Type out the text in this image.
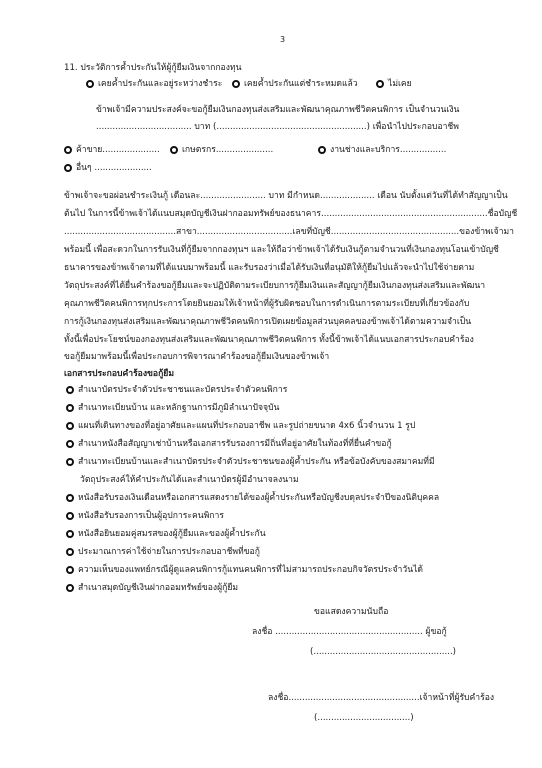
3
11. ประวัติการค้ำประกันให้ผู้กู้ยืมเงินจากกองทุน
เคยค้ำประกันและอยู่ระหว่างชำระ	เคยค้ำประกันแต่ชำระหมดแล้ว	ไม่เคย
ข้าพเจ้ามีความประสงค์จะขอกู้ยืมเงินกองทุนส่งเสริมและพัฒนาคุณภาพชีวิตคนพิการ เป็นจำนวนเงิน
................................... บาท (.......................................................) เพื่อนำไปประกอบอาชีพ
ค้าขาย.....................	เกษตรกร.....................	งานช่างและบริการ.................
อื่นๆ .....................
ข้าพเจ้าจะขอผ่อนชำระเงินกู้ เดือนละ........................ บาท มีกำหนด.................... เดือน นับตั้งแต่วันที่ได้ทำสัญญาเป็น
ต้นไป ในการนี้ข้าพเจ้าได้แนบสมุดบัญชีเงินฝากออมทรัพย์ของธนาคาร.............................................................ชื่อบัญชี
.........................................สาขา...................................เลขที่บัญชี...............................................ของข้าพเจ้ามา
พร้อมนี้ เพื่อสะดวกในการรับเงินที่กู้ยืมจากกองทุนฯ และให้ถือว่าข้าพเจ้าได้รับเงินกู้ตามจำนวนที่เงินกองทุนโอนเข้าบัญชี
ธนาคารของข้าพเจ้าตามที่ได้แนบมาพร้อมนี้ และรับรองว่าเมื่อได้รับเงินที่อนุมัติให้กู้ยืมไปแล้วจะนำไปใช้จ่ายตาม
วัตถุประสงค์ที่ได้ยื่นคำร้องขอกู้ยืมและจะปฏิบัติตามระเบียบการกู้ยืมเงินและสัญญากู้ยืมเงินกองทุนส่งเสริมและพัฒนา
คุณภาพชีวิตคนพิการทุกประการโดยยินยอมให้เจ้าหน้าที่ผู้รับผิดชอบในการดำเนินการตามระเบียบที่เกี่ยวข้องกับ
การกู้เงินกองทุนส่งเสริมและพัฒนาคุณภาพชีวิตคนพิการเปิดเผยข้อมูลส่วนบุคคลของข้าพเจ้าได้ตามความจำเป็น
ทั้งนี้เพื่อประโยชน์ของกองทุนส่งเสริมและพัฒนาคุณภาพชีวิตคนพิการ ทั้งนี้ข้าพเจ้าได้แนบเอกสารประกอบคำร้อง
ขอกู้ยืมมาพร้อมนี้เพื่อประกอบการพิจารณาคำร้องขอกู้ยืมเงินของข้าพเจ้า
เอกสารประกอบคำร้องขอกู้ยืม
สำเนาบัตรประจำตัวประชาชนและบัตรประจำตัวคนพิการ
สำเนาทะเบียนบ้าน และหลักฐานการมีภูมิลำเนาปัจจุบัน
แผนที่เดินทางของที่อยู่อาศัยและแผนที่ประกอบอาชีพ และรูปถ่ายขนาด 4x6 นิ้วจำนวน 1 รูป
สำเนาหนังสือสัญญาเช่าบ้านหรือเอกสารรับรองการมีถิ่นที่อยู่อาศัยในท้องที่ที่ยื่นคำขอกู้
สำเนาทะเบียนบ้านและสำเนาบัตรประจำตัวประชาชนของผู้ค้ำประกัน หรือข้อบังคับของสมาคมที่มี
วัตถุประสงค์ให้คำประกันได้และสำเนาบัตรผู้มีอำนาจลงนาม
หนังสือรับรองเงินเดือนหรือเอกสารแสดงรายได้ของผู้ค้ำประกันหรือบัญชีงบดุลประจำปีของนิติบุคคล
หนังสือรับรองการเป็นผู้อุปการะคนพิการ
หนังสือยินยอมคู่สมรสของผู้กู้ยืมและของผู้ค้ำประกัน
ประมาณการค่าใช้จ่ายในการประกอบอาชีพที่ขอกู้
ความเห็นของแพทย์กรณีผู้ดูแลคนพิการกู้แทนคนพิการที่ไม่สามารถประกอบกิจวัตรประจำวันได้
สำเนาสมุดบัญชีเงินฝากออมทรัพย์ของผู้กู้ยืม
ขอแสดงความนับถือ
ลงชื่อ ...................................................... ผู้ขอกู้
(...................................................)
ลงชื่อ................................................เจ้าหน้าที่ผู้รับคำร้อง
(..................................)
